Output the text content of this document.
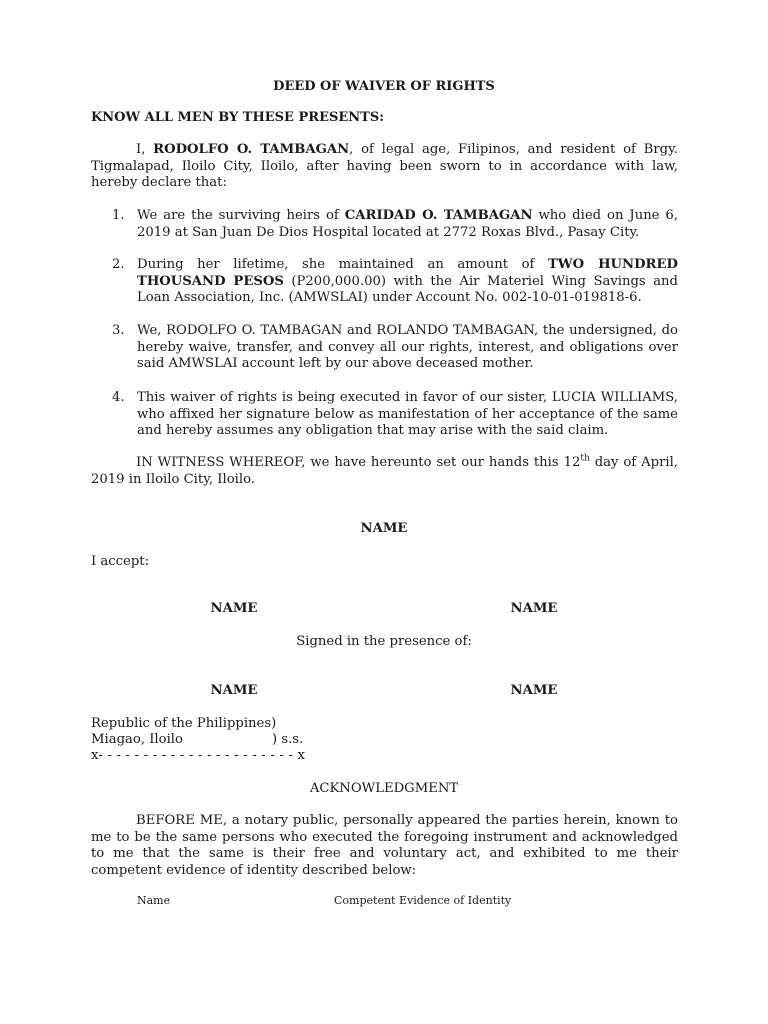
DEED OF WAIVER OF RIGHTS
KNOW ALL MEN BY THESE PRESENTS:
I, RODOLFO O. TAMBAGAN, of legal age, Filipinos, and resident of Brgy. Tigmalapad, Iloilo City, Iloilo, after having been sworn to in accordance with law, hereby declare that:
1. We are the surviving heirs of CARIDAD O. TAMBAGAN who died on June 6, 2019 at San Juan De Dios Hospital located at 2772 Roxas Blvd., Pasay City.
2. During her lifetime, she maintained an amount of TWO HUNDRED THOUSAND PESOS (P200,000.00) with the Air Materiel Wing Savings and Loan Association, Inc. (AMWSLAI) under Account No. 002-10-01-019818-6.
3. We, RODOLFO O. TAMBAGAN and ROLANDO TAMBAGAN, the undersigned, do hereby waive, transfer, and convey all our rights, interest, and obligations over said AMWSLAI account left by our above deceased mother.
4. This waiver of rights is being executed in favor of our sister, LUCIA WILLIAMS, who affixed her signature below as manifestation of her acceptance of the same and hereby assumes any obligation that may arise with the said claim.
IN WITNESS WHEREOF, we have hereunto set our hands this 12th day of April, 2019 in Iloilo City, Iloilo.
NAME
I accept:
NAME	NAME
Signed in the presence of:
NAME	NAME
Republic of the Philippines)
Miagao, Iloilo	) s.s.
x- - - - - - - - - - - - - - - - - - - - - - x
ACKNOWLEDGMENT
BEFORE ME, a notary public, personally appeared the parties herein, known to me to be the same persons who executed the foregoing instrument and acknowledged to me that the same is their free and voluntary act, and exhibited to me their competent evidence of identity described below:
Name	Competent Evidence of Identity
